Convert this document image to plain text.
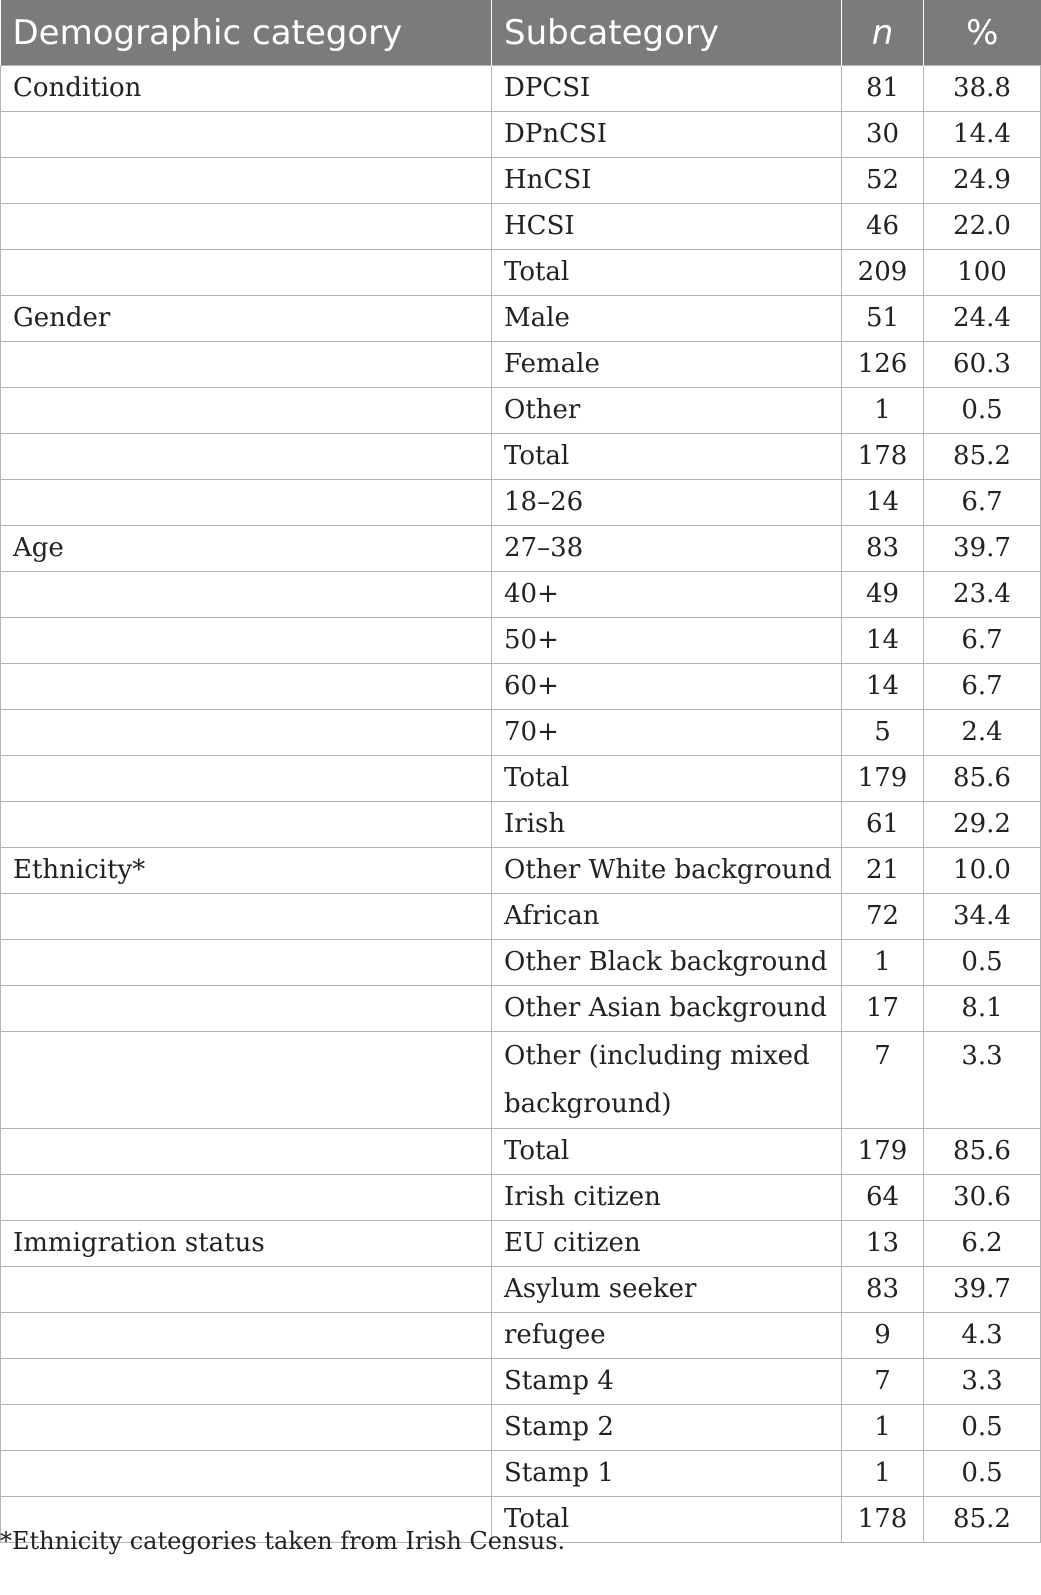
Demographic category	Subcategory	n	%
Condition	DPCSI	81	38.8
	DPnCSI	30	14.4
	HnCSI	52	24.9
	HCSI	46	22.0
	Total	209	100
Gender	Male	51	24.4
	Female	126	60.3
	Other	1	0.5
	Total	178	85.2
	18–26	14	6.7
Age	27–38	83	39.7
	40+	49	23.4
	50+	14	6.7
	60+	14	6.7
	70+	5	2.4
	Total	179	85.6
	Irish	61	29.2
Ethnicity*	Other White background	21	10.0
	African	72	34.4
	Other Black background	1	0.5
	Other Asian background	17	8.1
	Other (including mixed background)	7	3.3
	Total	179	85.6
	Irish citizen	64	30.6
Immigration status	EU citizen	13	6.2
	Asylum seeker	83	39.7
	refugee	9	4.3
	Stamp 4	7	3.3
	Stamp 2	1	0.5
	Stamp 1	1	0.5
	Total	178	85.2
*Ethnicity categories taken from Irish Census.
